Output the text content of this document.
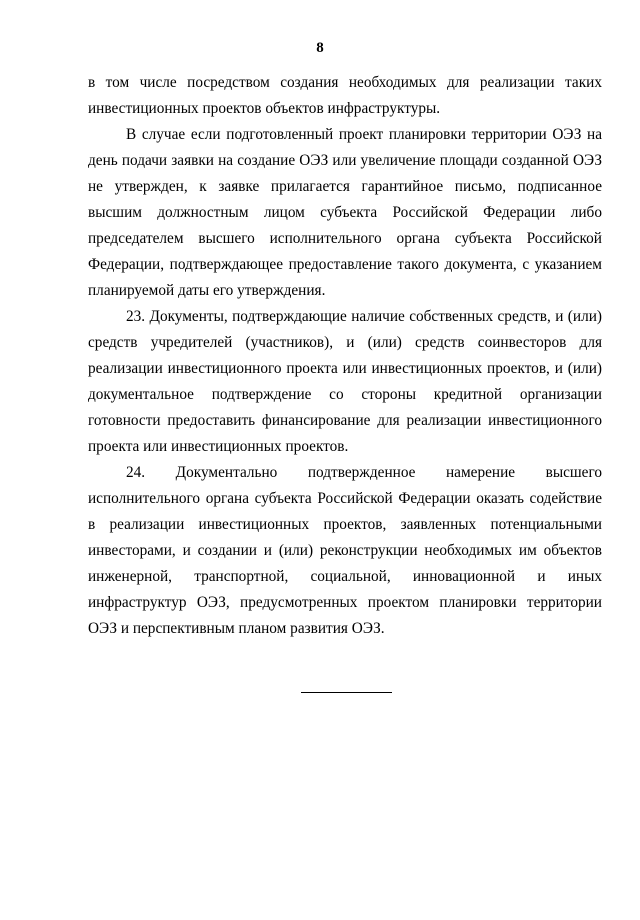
8

в том числе посредством создания необходимых для реализации таких инвестиционных проектов объектов инфраструктуры.

В случае если подготовленный проект планировки территории ОЭЗ на день подачи заявки на создание ОЭЗ или увеличение площади созданной ОЭЗ не утвержден, к заявке прилагается гарантийное письмо, подписанное высшим должностным лицом субъекта Российской Федерации либо председателем высшего исполнительного органа субъекта Российской Федерации, подтверждающее предоставление такого документа, с указанием планируемой даты его утверждения.

23. Документы, подтверждающие наличие собственных средств, и (или) средств учредителей (участников), и (или) средств соинвесторов для реализации инвестиционного проекта или инвестиционных проектов, и (или) документальное подтверждение со стороны кредитной организации готовности предоставить финансирование для реализации инвестиционного проекта или инвестиционных проектов.

24. Документально подтвержденное намерение высшего исполнительного органа субъекта Российской Федерации оказать содействие в реализации инвестиционных проектов, заявленных потенциальными инвесторами, и создании и (или) реконструкции необходимых им объектов инженерной, транспортной, социальной, инновационной и иных инфраструктур ОЭЗ, предусмотренных проектом планировки территории ОЭЗ и перспективным планом развития ОЭЗ.
